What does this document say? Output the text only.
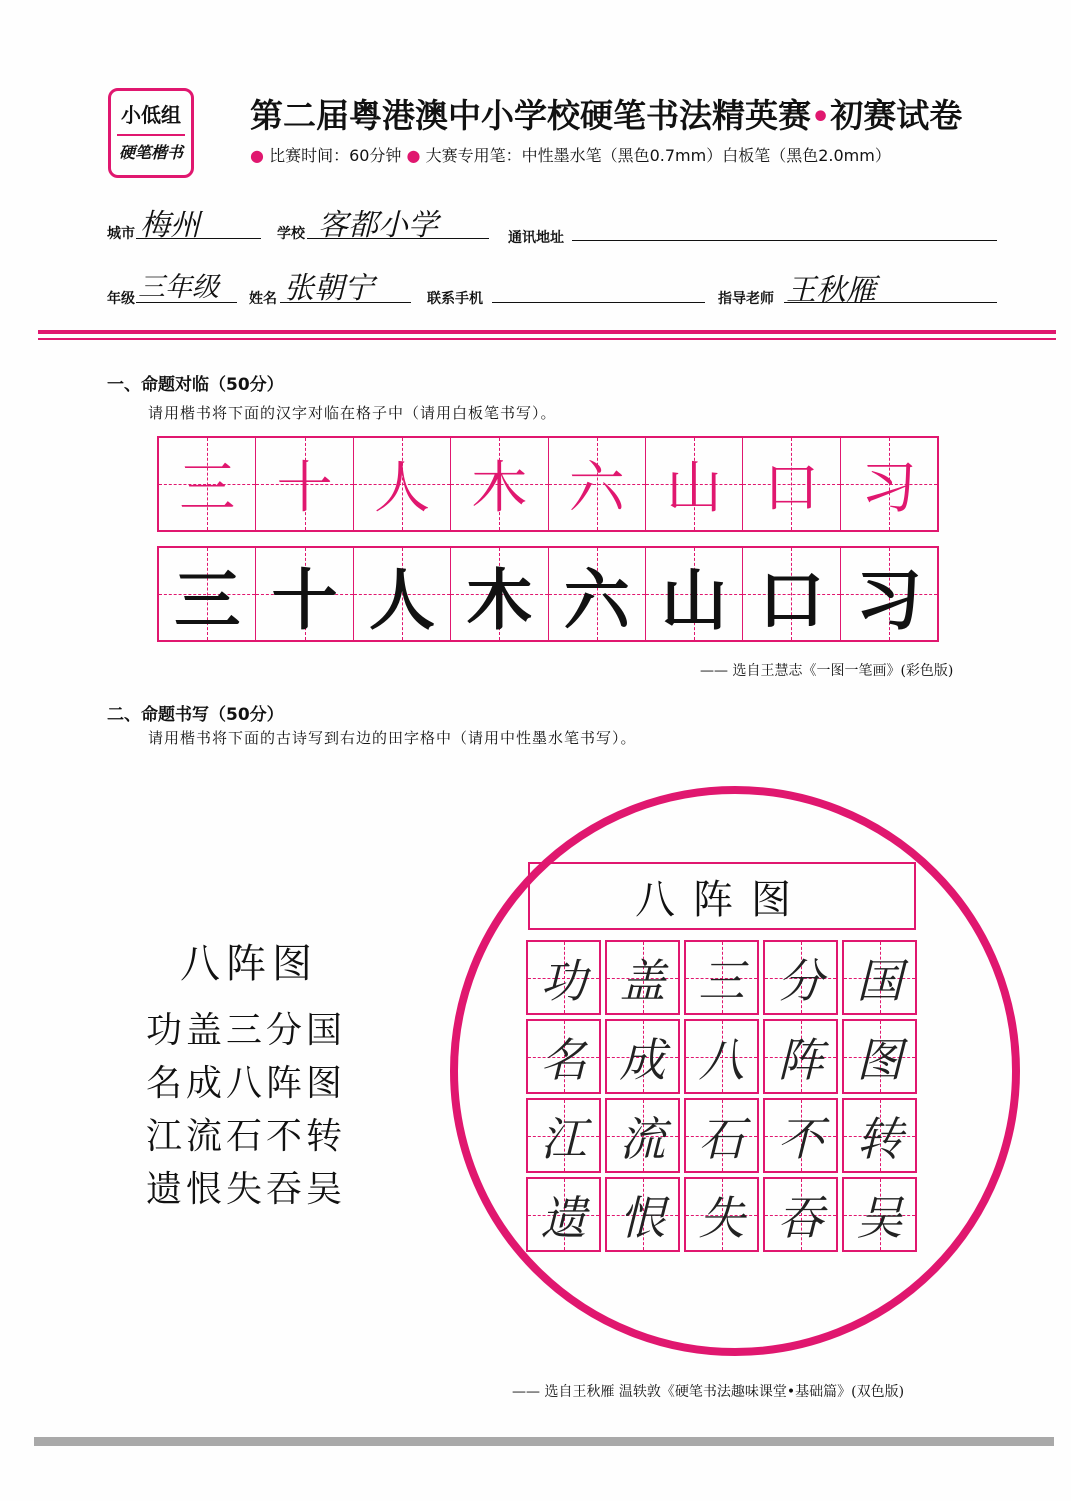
小低组
硬笔楷书
第二届粤港澳中小学校硬笔书法精英赛•初赛试卷
● 比赛时间：60分钟 ● 大赛专用笔：中性墨水笔（黑色0.7mm）白板笔（黑色2.0mm）
城市 梅州	学校 客都小学	通讯地址
年级 三年级 姓名 张朝宁	联系手机	指导老师 王秋雁
一、命题对临（50分）
请用楷书将下面的汉字对临在格子中（请用白板笔书写）。
三 十 人 木 六 山 口 习
三 十 人 木 六 山 口 习
—— 选自王慧志《一图一笔画》(彩色版)
二、命题书写（50分）
请用楷书将下面的古诗写到右边的田字格中（请用中性墨水笔书写）。
八阵图
功盖三分国
名成八阵图
江流石不转
遗恨失吞吴
八阵图
功 盖 三 分 国
名 成 八 阵 图
江 流 石 不 转
遗 恨 失 吞 吴
—— 选自王秋雁 温轶敦《硬笔书法趣味课堂•基础篇》(双色版)
